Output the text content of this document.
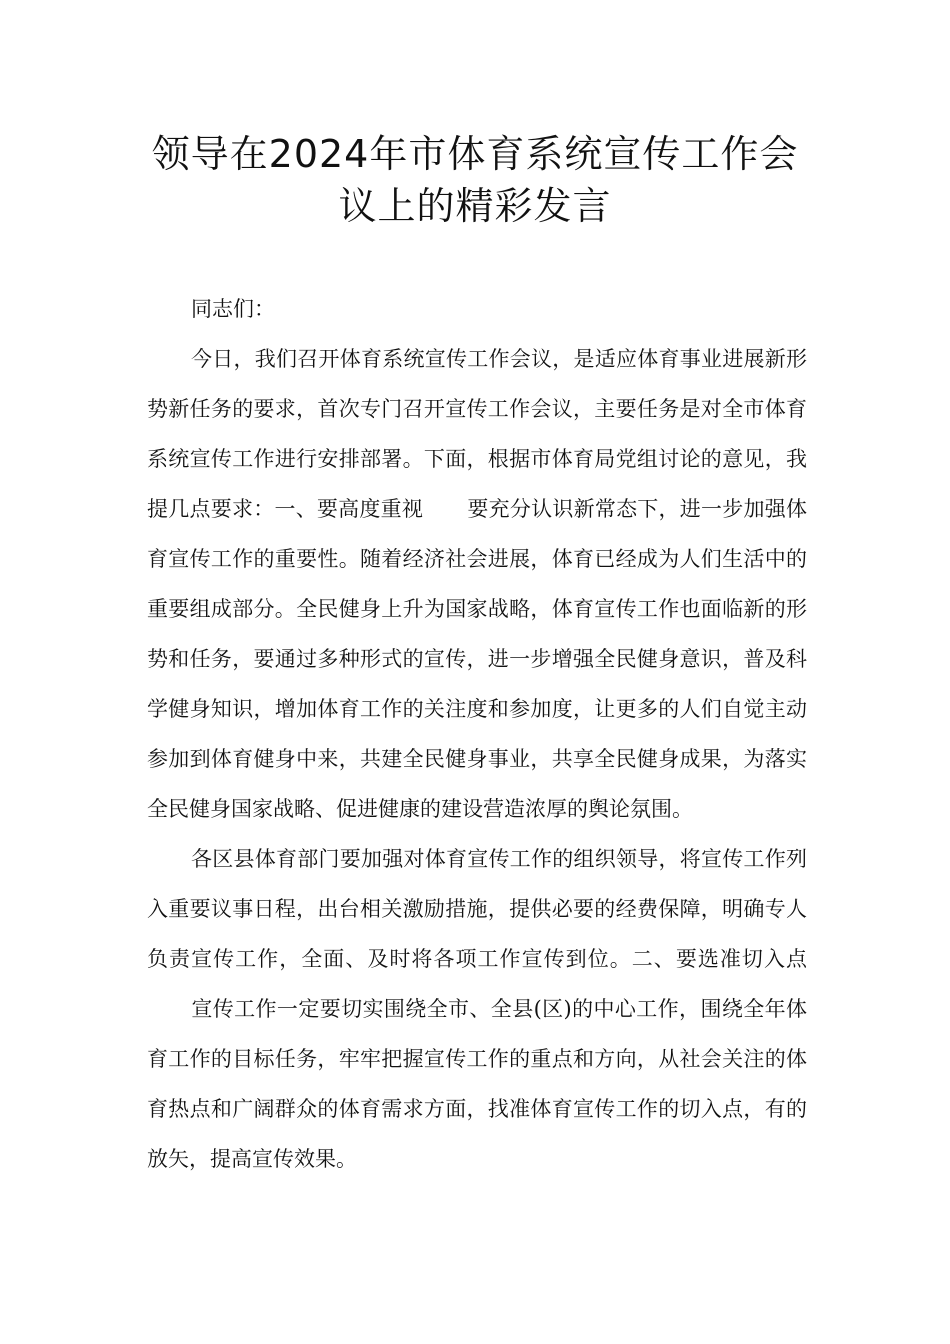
领导在2024年市体育系统宣传工作会
议上的精彩发言

同志们：

今日，我们召开体育系统宣传工作会议，是适应体育事业进展新形势新任务的要求，首次专门召开宣传工作会议，主要任务是对全市体育系统宣传工作进行安排部署。下面，根据市体育局党组讨论的意见，我提几点要求：一、要高度重视 要充分认识新常态下，进一步加强体育宣传工作的重要性。随着经济社会进展，体育已经成为人们生活中的重要组成部分。全民健身上升为国家战略，体育宣传工作也面临新的形势和任务，要通过多种形式的宣传，进一步增强全民健身意识，普及科学健身知识，增加体育工作的关注度和参加度，让更多的人们自觉主动参加到体育健身中来，共建全民健身事业，共享全民健身成果，为落实全民健身国家战略、促进健康的建设营造浓厚的舆论氛围。

各区县体育部门要加强对体育宣传工作的组织领导，将宣传工作列入重要议事日程，出台相关激励措施，提供必要的经费保障，明确专人负责宣传工作，全面、及时将各项工作宣传到位。二、要选准切入点宣传工作一定要切实围绕全市、全县(区)的中心工作，围绕全年体育工作的目标任务，牢牢把握宣传工作的重点和方向，从社会关注的体育热点和广阔群众的体育需求方面，找准体育宣传工作的切入点，有的放矢，提高宣传效果。
